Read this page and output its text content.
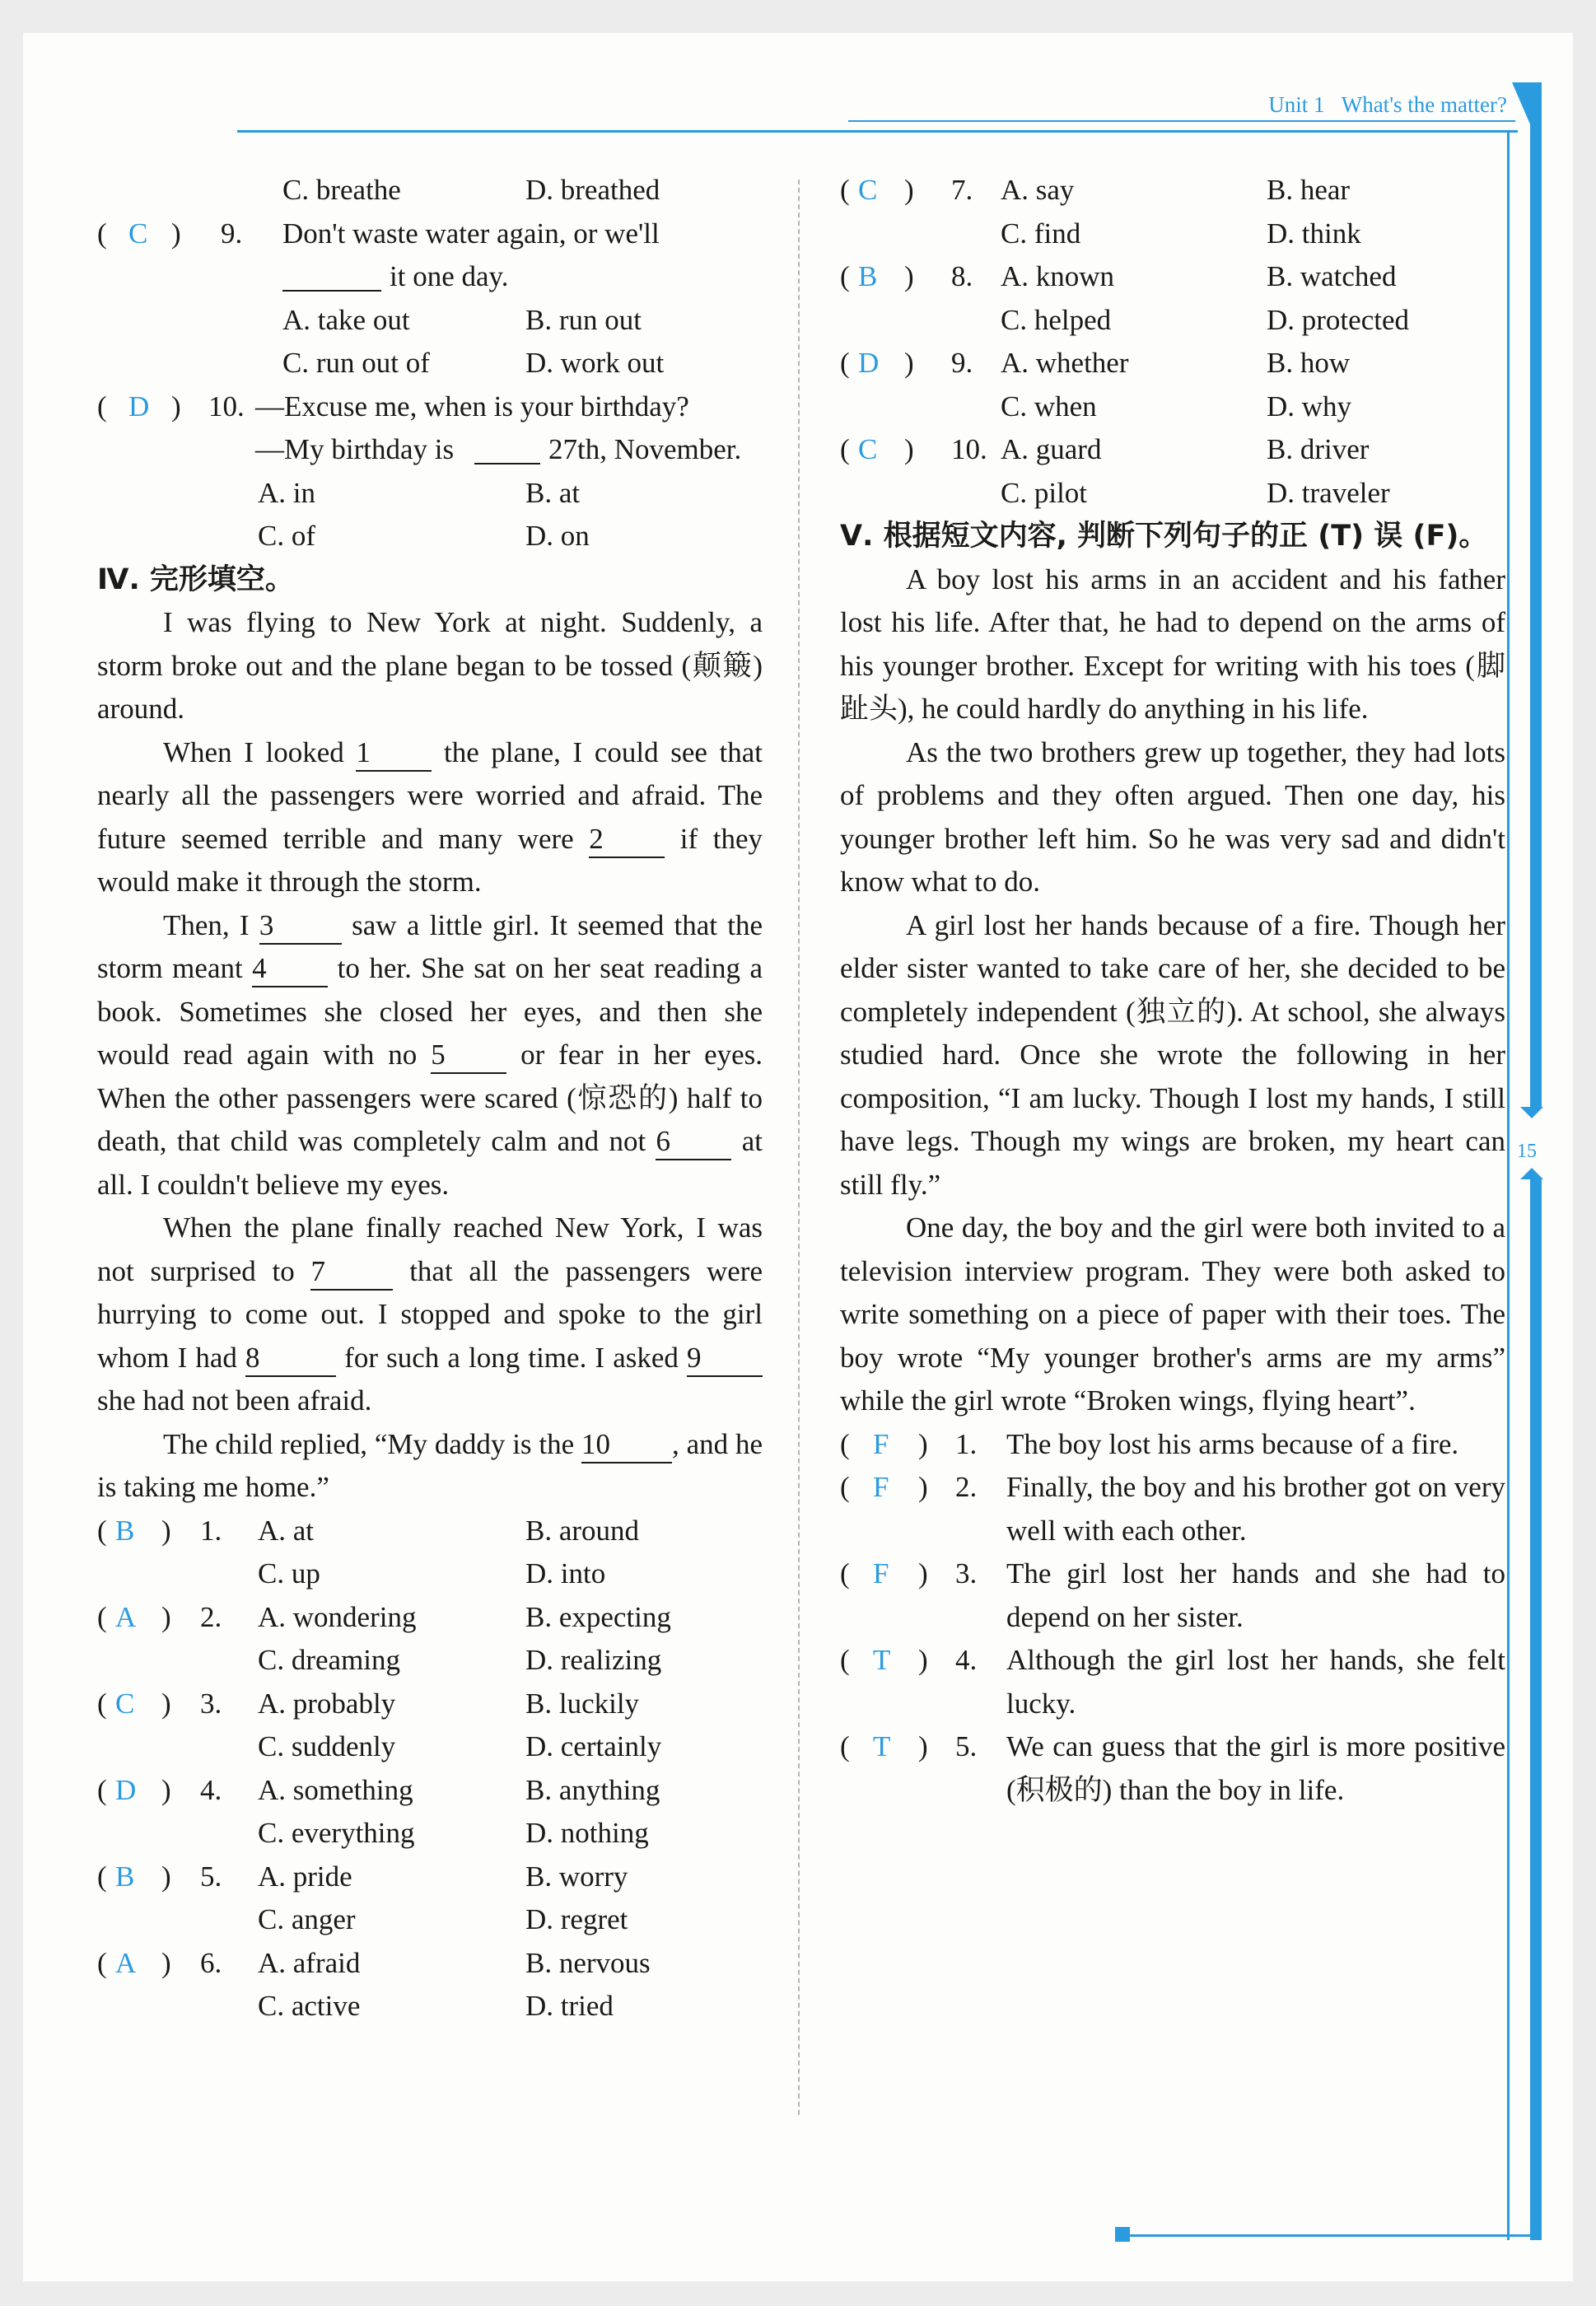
Unit 1 What's the matter?
15
C. breathe	D. breathed
( C ) 9. Don't waste water again, or we'll
it one day.
A. take out	B. run out
C. run out of	D. work out
( D ) 10. —Excuse me, when is your birthday?
—My birthday is	27th, November.
A. in	B. at
C. of	D. on
Ⅳ. 完形填空。
I was flying to New York at night. Suddenly, a storm broke out and the plane began to be tossed (颠簸) around.
When I looked 1	the plane, I could see that nearly all the passengers were worried and afraid. The future seemed terrible and many were 2	if they would make it through the storm.
Then, I 3	saw a little girl. It seemed that the storm meant 4 to her. She sat on her seat reading a book. Sometimes she closed her eyes, and then she would read again with no 5	or fear in her eyes. When the other passengers were scared (惊恐的) half to death, that child was completely calm and not 6 at all. I couldn't believe my eyes.
When the plane finally reached New York, I was not surprised to 7	that all the passengers were hurrying to come out. I stopped and spoke to the girl whom I had 8	for such a long time. I asked 9 she had not been afraid.
The child replied, “My daddy is the 10 , and he is taking me home.”
( B ) 1. A. at	B. around
C. up	D. into
( A ) 2. A. wondering	B. expecting
C. dreaming	D. realizing
( C ) 3. A. probably	B. luckily
C. suddenly	D. certainly
( D ) 4. A. something	B. anything
C. everything	D. nothing
( B ) 5. A. pride	B. worry
C. anger	D. regret
( A ) 6. A. afraid	B. nervous
C. active	D. tried
( C ) 7. A. say	B. hear
C. find	D. think
( B ) 8. A. known	B. watched
C. helped	D. protected
( D ) 9. A. whether	B. how
C. when	D. why
( C ) 10. A. guard	B. driver
C. pilot	D. traveler
Ⅴ. 根据短文内容, 判断下列句子的正 (T) 误 (F)。
A boy lost his arms in an accident and his father lost his life. After that, he had to depend on the arms of his younger brother. Except for writing with his toes (脚趾头), he could hardly do anything in his life.
As the two brothers grew up together, they had lots of problems and they often argued. Then one day, his younger brother left him. So he was very sad and didn't know what to do.
A girl lost her hands because of a fire. Though her elder sister wanted to take care of her, she decided to be completely independent (独立的). At school, she always studied hard. Once she wrote the following in her composition, “I am lucky. Though I lost my hands, I still have legs. Though my wings are broken, my heart can still fly.”
One day, the boy and the girl were both invited to a television interview program. They were both asked to write something on a piece of paper with their toes. The boy wrote “My younger brother's arms are my arms” while the girl wrote “Broken wings, flying heart”.
( F ) 1. The boy lost his arms because of a fire.
( F ) 2. Finally, the boy and his brother got on very well with each other.
( F ) 3. The girl lost her hands and she had to depend on her sister.
( T ) 4. Although the girl lost her hands, she felt lucky.
( T ) 5. We can guess that the girl is more positive (积极的) than the boy in life.
